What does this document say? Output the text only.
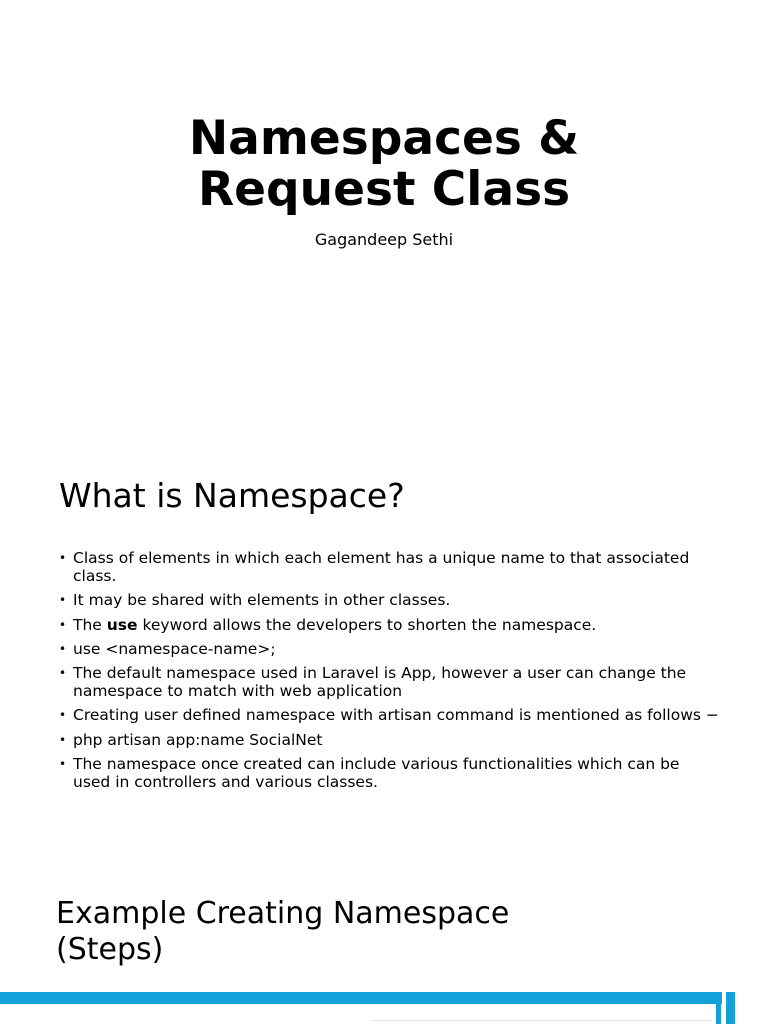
Namespaces &
Request Class
Gagandeep Sethi
What is Namespace?
• Class of elements in which each element has a unique name to that associated class.
• It may be shared with elements in other classes.
• The use keyword allows the developers to shorten the namespace.
• use <namespace-name>;
• The default namespace used in Laravel is App, however a user can change the namespace to match with web application
• Creating user defined namespace with artisan command is mentioned as follows −
• php artisan app:name SocialNet
• The namespace once created can include various functionalities which can be used in controllers and various classes.
Example Creating Namespace (Steps)
